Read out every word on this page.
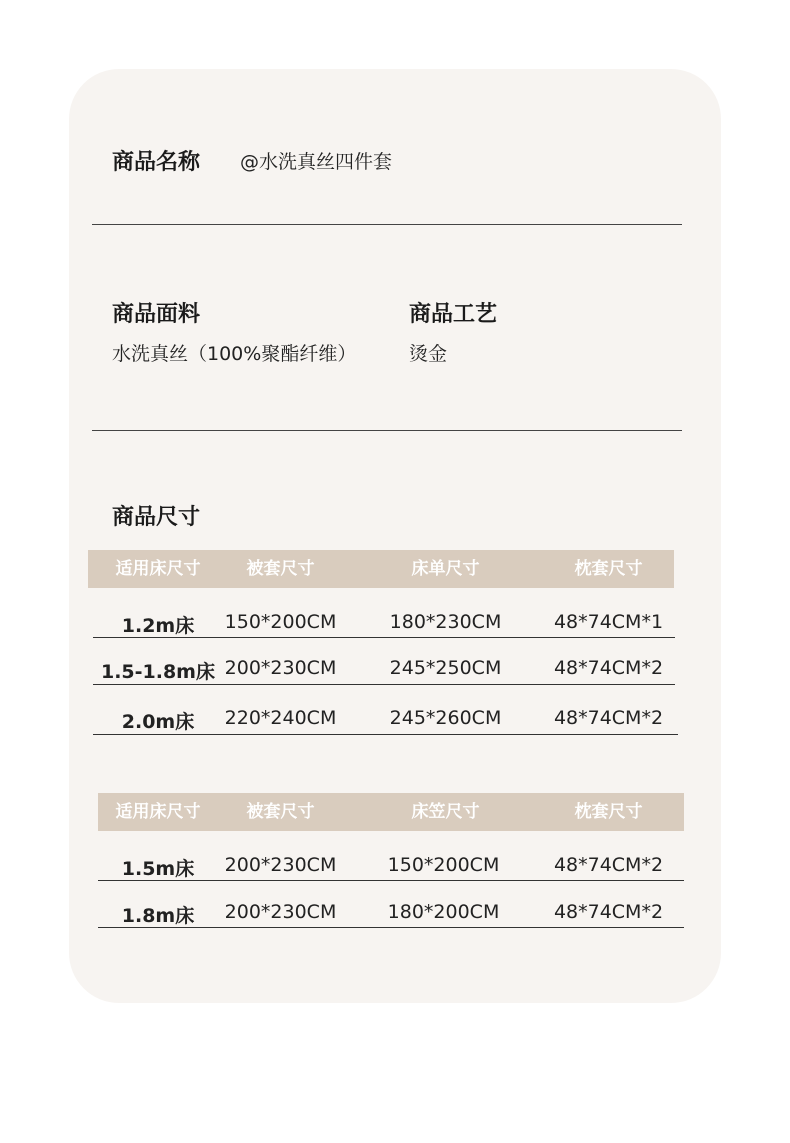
商品名称 @水洗真丝四件套
商品面料
水洗真丝（100%聚酯纤维）
商品工艺
烫金
商品尺寸
适用床尺寸	被套尺寸	床单尺寸	枕套尺寸
1.2m床	150*200CM	180*230CM	48*74CM*1
1.5-1.8m床 200*230CM	245*250CM	48*74CM*2
2.0m床	220*240CM	245*260CM	48*74CM*2
适用床尺寸	被套尺寸	床笠尺寸	枕套尺寸
1.5m床	200*230CM	150*200CM	48*74CM*2
1.8m床	200*230CM	180*200CM	48*74CM*2
